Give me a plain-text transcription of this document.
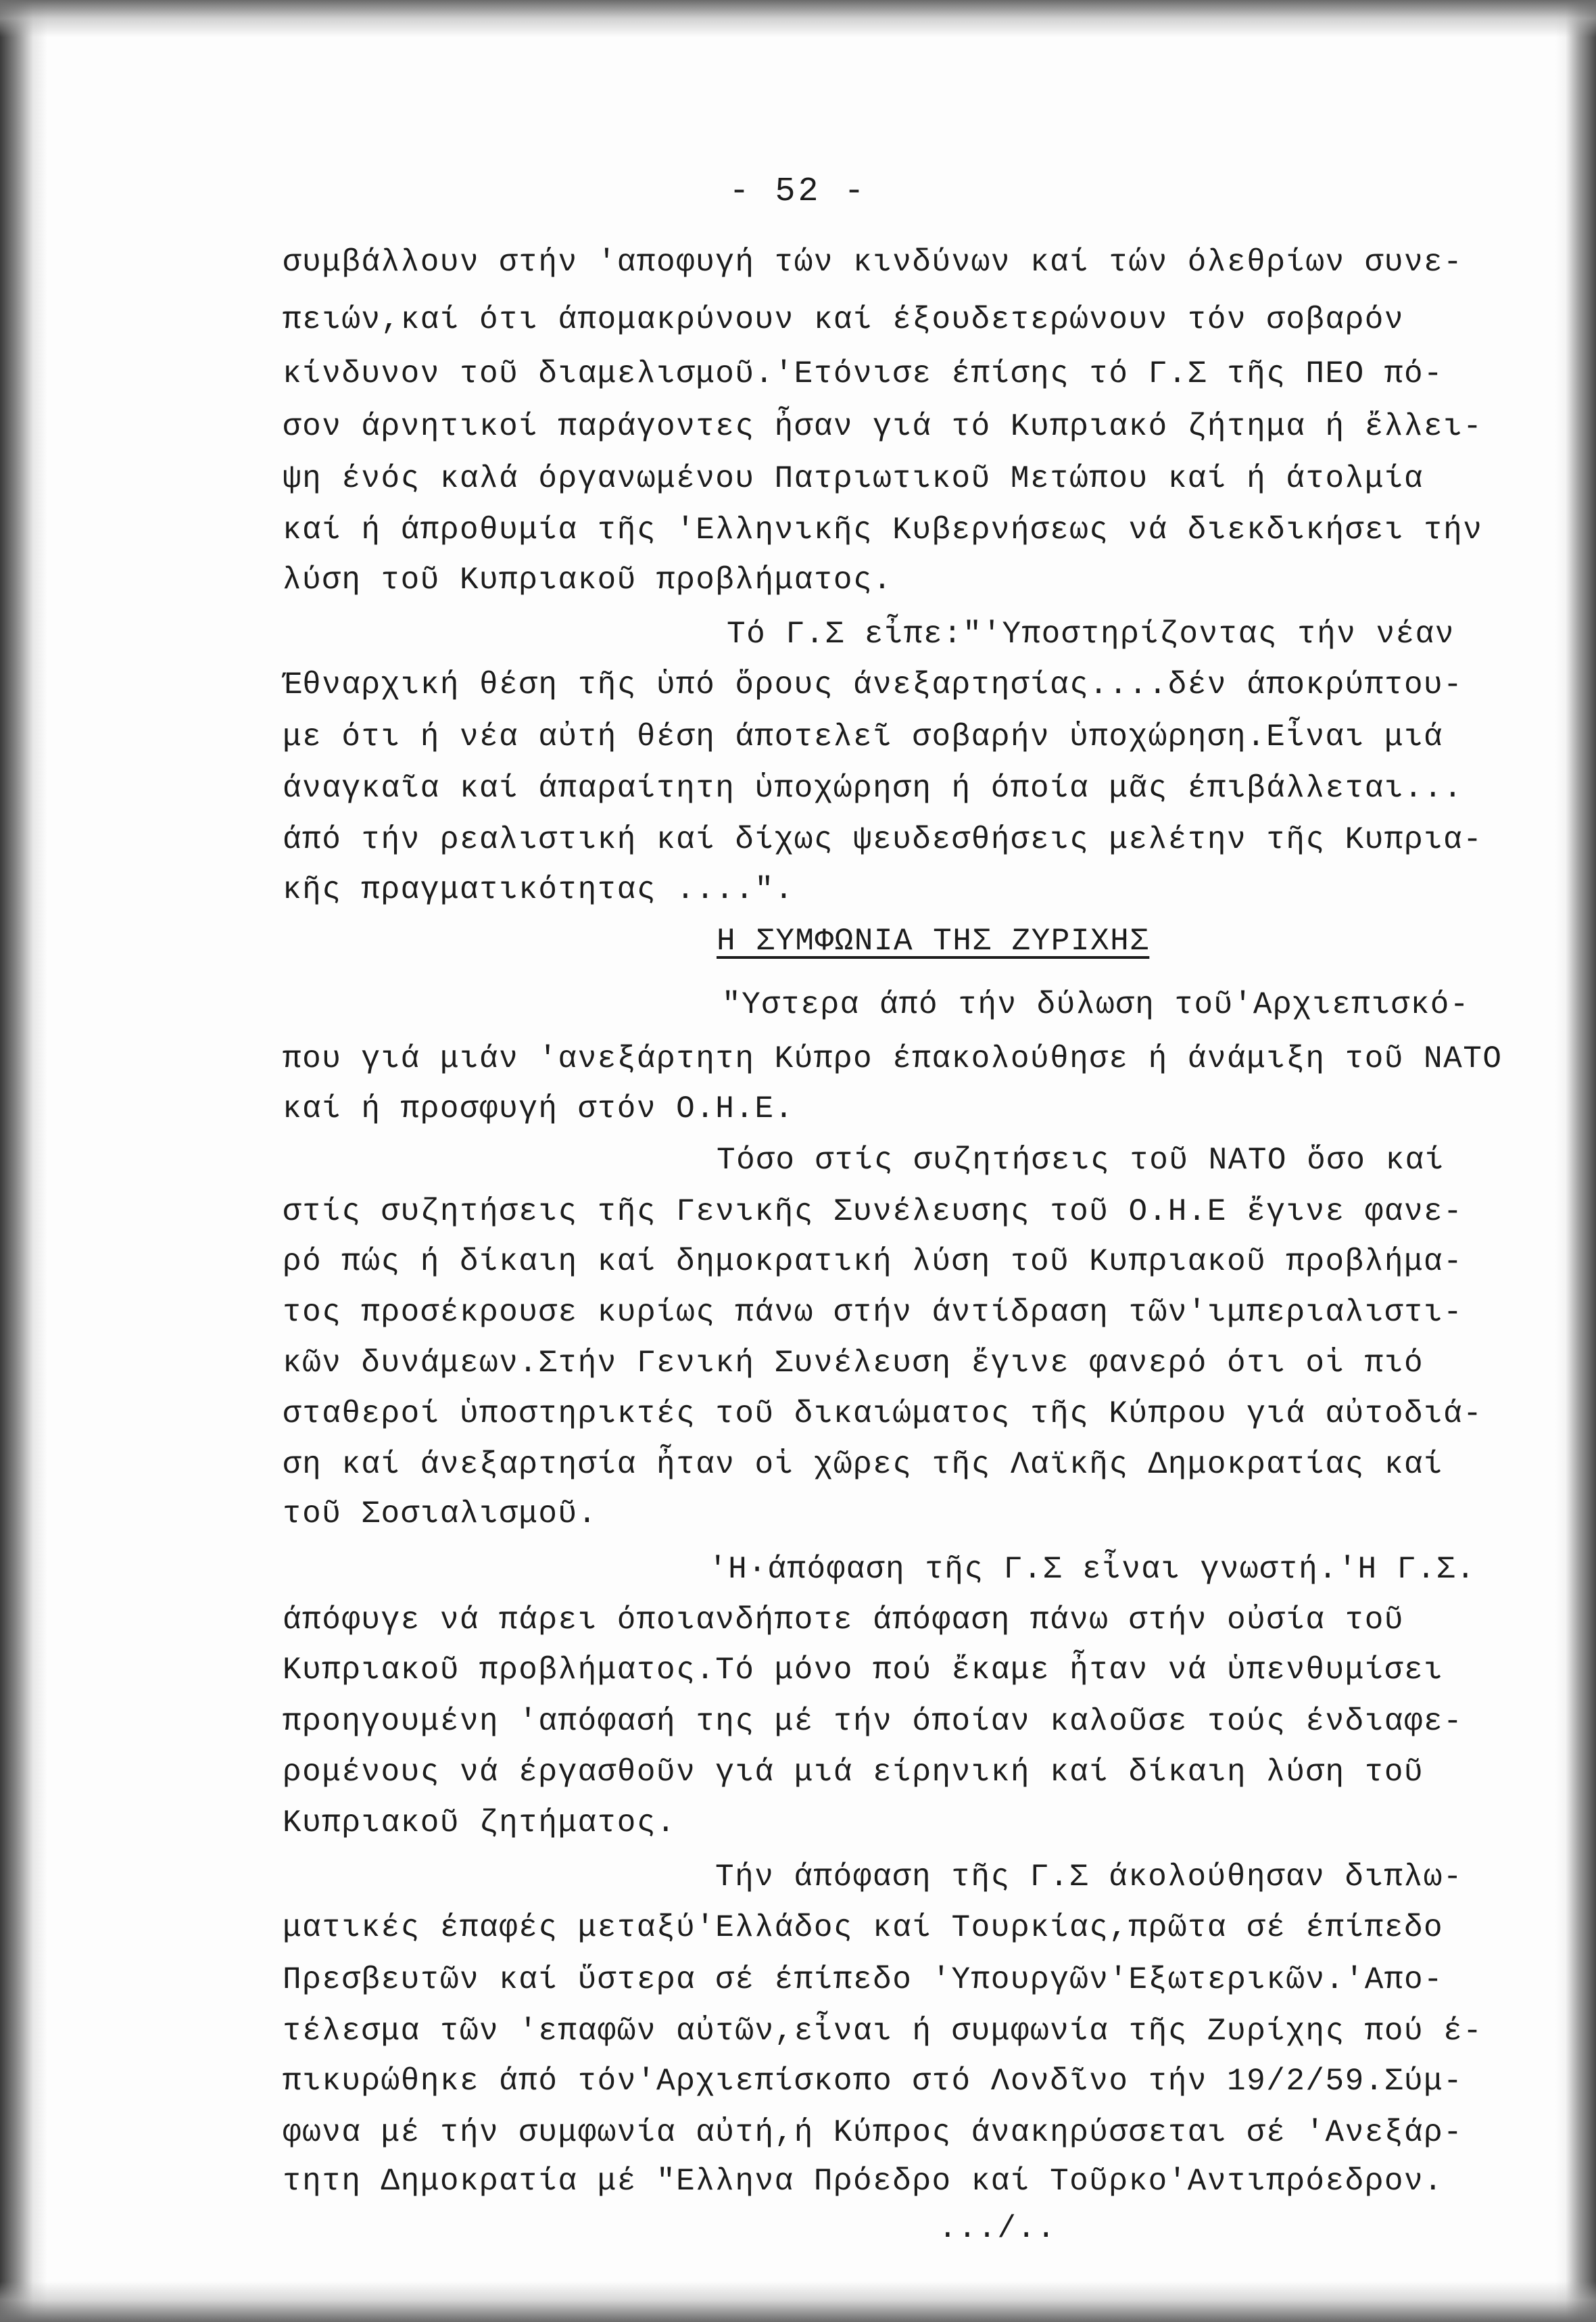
- 52 -
συμβάλλουν στήν 'αποφυγή τών κινδύνων καί τών όλεθρίων συνε-
πειών,καί ότι άπομακρύνουν καί έξουδετερώνουν τόν σοβαρόν
κίνδυνον τοῦ διαμελισμοῦ.'Ετόνισε έπίσης τό Γ.Σ τῆς ΠΕΟ πό-
σον άρνητικοί παράγοντες ἦσαν γιά τό Κυπριακό ζήτημα ή ἔλλει-
ψη ένός καλά όργανωμένου Πατριωτικοῦ Μετώπου καί ή άτολμία
καί ή άπροθυμία τῆς 'Ελληνικῆς Κυβερνήσεως νά διεκδικήσει τήν
λύση τοῦ Κυπριακοῦ προβλήματος.
Τό Γ.Σ εἶπε:"'Υποστηρίζοντας τήν νέαν
Έθναρχική θέση τῆς ὑπό ὅρους άνεξαρτησίας....δέν άποκρύπτου-
με ότι ή νέα αὐτή θέση άποτελεῖ σοβαρήν ὑποχώρηση.Εἶναι μιά
άναγκαῖα καί άπαραίτητη ὑποχώρηση ή όποία μᾶς έπιβάλλεται...
άπό τήν ρεαλιστική καί δίχως ψευδεσθήσεις μελέτην τῆς Κυπρια-
κῆς πραγματικότητας ....".
Η ΣΥΜΦΩΝΙΑ ΤΗΣ ΖΥΡΙΧΗΣ
"Υστερα άπό τήν δύλωση τοῦ'Αρχιεπισκό-
που γιά μιάν 'ανεξάρτητη Κύπρο έπακολούθησε ή άνάμιξη τοῦ ΝΑΤΟ
καί ή προσφυγή στόν Ο.Η.Ε.
Τόσο στίς συζητήσεις τοῦ ΝΑΤΟ ὅσο καί
στίς συζητήσεις τῆς Γενικῆς Συνέλευσης τοῦ Ο.Η.Ε ἔγινε φανε-
ρό πώς ή δίκαιη καί δημοκρατική λύση τοῦ Κυπριακοῦ προβλήμα-
τος προσέκρουσε κυρίως πάνω στήν άντίδραση τῶν'ιμπεριαλιστι-
κῶν δυνάμεων.Στήν Γενική Συνέλευση ἔγινε φανερό ότι οἱ πιό
σταθεροί ὑποστηρικτές τοῦ δικαιώματος τῆς Κύπρου γιά αὐτοδιά-
ση καί άνεξαρτησία ἦταν οἱ χῶρες τῆς Λαϊκῆς Δημοκρατίας καί
τοῦ Σοσιαλισμοῦ.
'Η·άπόφαση τῆς Γ.Σ εἶναι γνωστή.'Η Γ.Σ.
άπόφυγε νά πάρει όποιανδήποτε άπόφαση πάνω στήν οὐσία τοῦ
Κυπριακοῦ προβλήματος.Τό μόνο πού ἔκαμε ἦταν νά ὑπενθυμίσει
προηγουμένη 'απόφασή της μέ τήν όποίαν καλοῦσε τούς ένδιαφε-
ρομένους νά έργασθοῦν γιά μιά είρηνική καί δίκαιη λύση τοῦ
Κυπριακοῦ ζητήματος.
Τήν άπόφαση τῆς Γ.Σ άκολούθησαν διπλω-
ματικές έπαφές μεταξύ'Ελλάδος καί Τουρκίας,πρῶτα σέ έπίπεδο
Πρεσβευτῶν καί ὕστερα σέ έπίπεδο 'Υπουργῶν'Εξωτερικῶν.'Απο-
τέλεσμα τῶν 'επαφῶν αὐτῶν,εἶναι ή συμφωνία τῆς Ζυρίχης πού έ-
πικυρώθηκε άπό τόν'Αρχιεπίσκοπο στό Λονδῖνο τήν 19/2/59.Σύμ-
φωνα μέ τήν συμφωνία αὐτή,ή Κύπρος άνακηρύσσεται σέ 'Ανεξάρ-
τητη Δημοκρατία μέ "Ελληνα Πρόεδρο καί Τοῦρκο'Αντιπρόεδρον.
.../..
